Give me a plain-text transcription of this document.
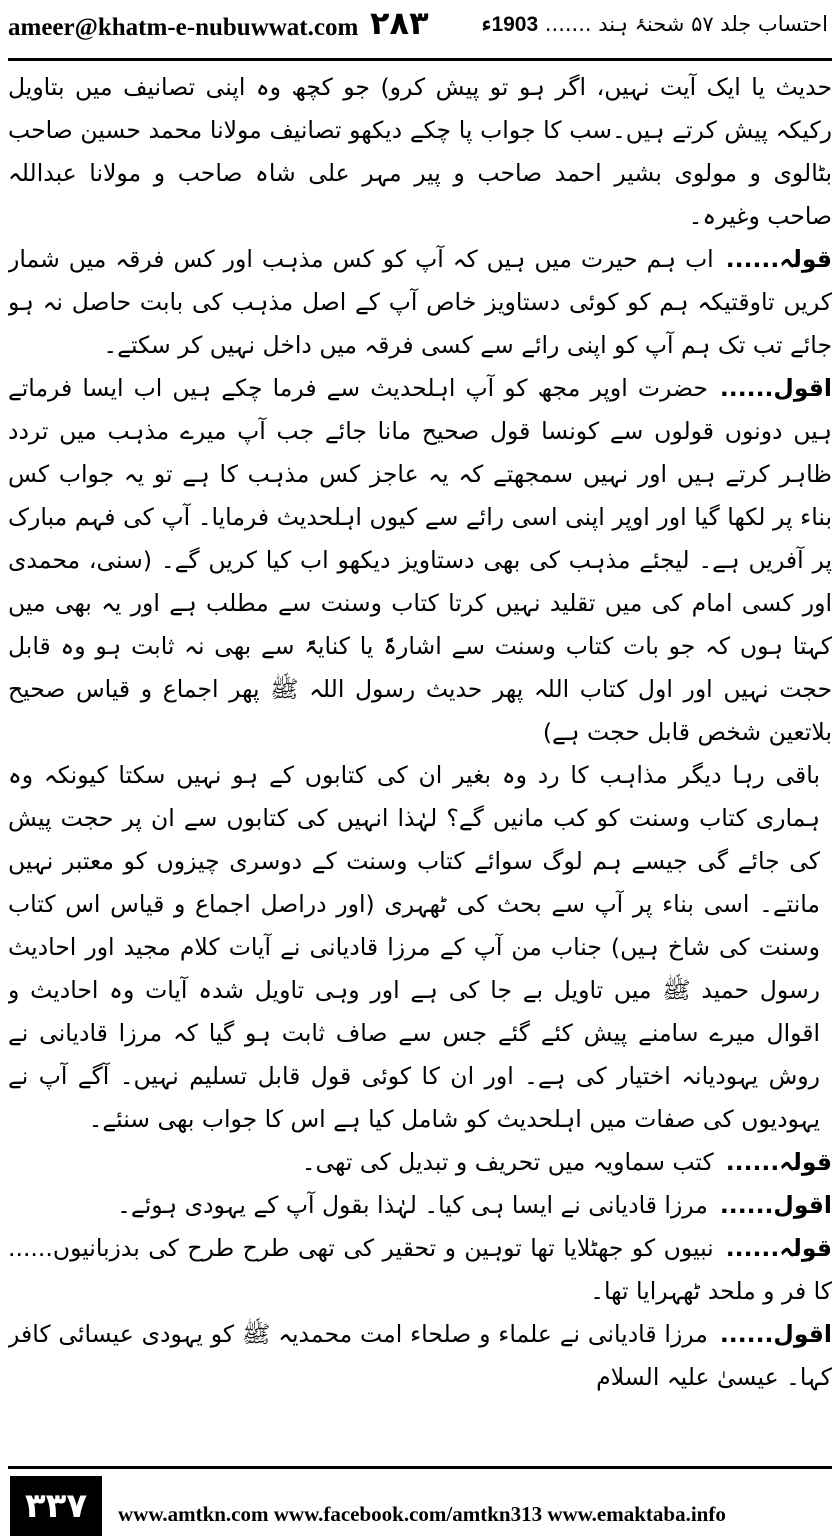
ameer@khatm-e-nubuwwat.com ۲۸۳	احتساب جلد ۵۷ شحنۂ ہند ....... 1903ء

حدیث یا ایک آیت نہیں، اگر ہو تو پیش کرو) جو کچھ وہ اپنی تصانیف میں بتاویل رکیکہ پیش کرتے ہیں۔سب کا جواب پا چکے دیکھو تصانیف مولانا محمد حسین صاحب بٹالوی و مولوی بشیر احمد صاحب و پیر مہر علی شاہ صاحب و مولانا عبداللہ صاحب وغیرہ۔

قولہ......اب ہم حیرت میں ہیں کہ آپ کو کس مذہب اور کس فرقہ میں شمار کریں تاوقتیکہ ہم کو کوئی دستاویز خاص آپ کے اصل مذہب کی بابت حاصل نہ ہو جائے تب تک ہم آپ کو اپنی رائے سے کسی فرقہ میں داخل نہیں کر سکتے۔

اقول......حضرت اوپر مجھ کو آپ اہلحدیث سے فرما چکے ہیں اب ایسا فرماتے ہیں دونوں قولوں سے کونسا قول صحیح مانا جائے جب آپ میرے مذہب میں تردد ظاہر کرتے ہیں اور نہیں سمجھتے کہ یہ عاجز کس مذہب کا ہے تو یہ جواب کس بناء پر لکھا گیا اور اوپر اپنی اسی رائے سے کیوں اہلحدیث فرمایا۔ آپ کی فہم مبارک پر آفریں ہے۔ لیجئے مذہب کی بھی دستاویز دیکھو اب کیا کریں گے۔ (سنی، محمدی اور کسی امام کی میں تقلید نہیں کرتا کتاب وسنت سے مطلب ہے اور یہ بھی میں کہتا ہوں کہ جو بات کتاب وسنت سے اشارۃً یا کنایۃً سے بھی نہ ثابت ہو وہ قابل حجت نہیں اور اول کتاب اللہ پھر حدیث رسول اللہ ﷺ پھر اجماع و قیاس صحیح بلاتعین شخص قابل حجت ہے)

باقی رہا دیگر مذاہب کا رد وہ بغیر ان کی کتابوں کے ہو نہیں سکتا کیونکہ وہ ہماری کتاب وسنت کو کب مانیں گے؟ لہٰذا انہیں کی کتابوں سے ان پر حجت پیش کی جائے گی جیسے ہم لوگ سوائے کتاب وسنت کے دوسری چیزوں کو معتبر نہیں مانتے۔ اسی بناء پر آپ سے بحث کی ٹھہری (اور دراصل اجماع و قیاس اس کتاب وسنت کی شاخ ہیں) جناب من آپ کے مرزا قادیانی نے آیات کلام مجید اور احادیث رسول حمید ﷺ میں تاویل بے جا کی ہے اور وہی تاویل شدہ آیات وہ احادیث و اقوال میرے سامنے پیش کئے گئے جس سے صاف ثابت ہو گیا کہ مرزا قادیانی نے روش یہودیانہ اختیار کی ہے۔ اور ان کا کوئی قول قابل تسلیم نہیں۔ آگے آپ نے یہودیوں کی صفات میں اہلحدیث کو شامل کیا ہے اس کا جواب بھی سنئے۔

قولہ......کتب سماویہ میں تحریف و تبدیل کی تھی۔

اقول......مرزا قادیانی نے ایسا ہی کیا۔ لہٰذا بقول آپ کے یہودی ہوئے۔

قولہ......نبیوں کو جھٹلایا تھا توہین و تحقیر کی تھی طرح طرح کی بدزبانیوں...... کا فر و ملحد ٹھہرایا تھا۔

اقول......مرزا قادیانی نے علماء و صلحاء امت محمدیہ ﷺ کو یہودی عیسائی کافر کہا۔ عیسیٰ علیہ السلام

۳۳۷	www.amtkn.com www.facebook.com/amtkn313 www.emaktaba.info
